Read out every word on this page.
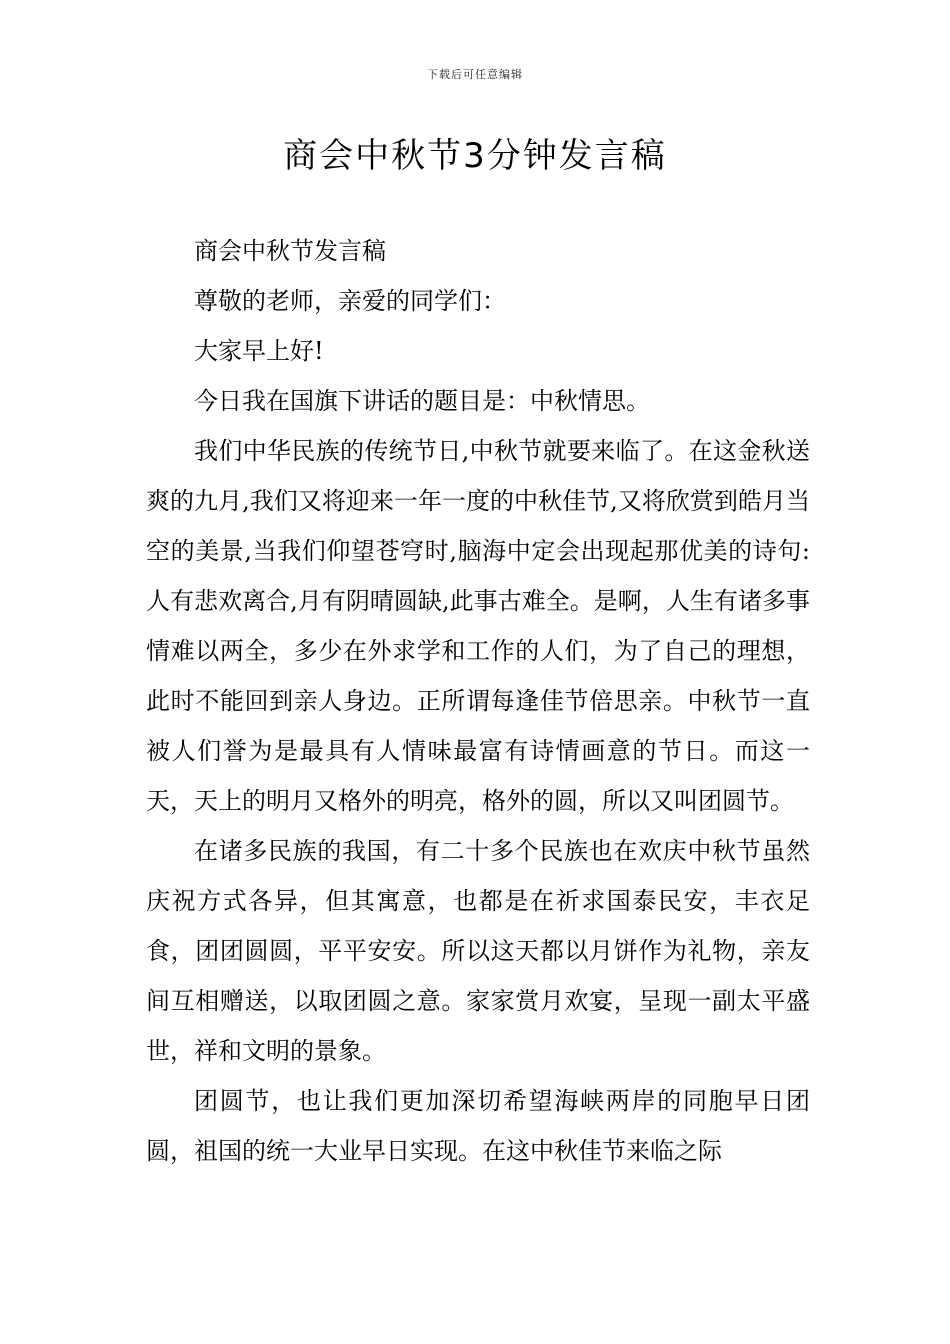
下载后可任意编辑
商会中秋节3分钟发言稿

商会中秋节发言稿

尊敬的老师，亲爱的同学们：

大家早上好!

今日我在国旗下讲话的题目是：中秋情思。

我们中华民族的传统节日,中秋节就要来临了。在这金秋送爽的九月,我们又将迎来一年一度的中秋佳节,又将欣赏到皓月当空的美景,当我们仰望苍穹时,脑海中定会出现起那优美的诗句:人有悲欢离合,月有阴晴圆缺,此事古难全。是啊，人生有诸多事情难以两全，多少在外求学和工作的人们，为了自己的理想，此时不能回到亲人身边。正所谓每逢佳节倍思亲。中秋节一直被人们誉为是最具有人情味最富有诗情画意的节日。而这一天，天上的明月又格外的明亮，格外的圆，所以又叫团圆节。

在诸多民族的我国，有二十多个民族也在欢庆中秋节虽然庆祝方式各异，但其寓意，也都是在祈求国泰民安，丰衣足食，团团圆圆，平平安安。所以这天都以月饼作为礼物，亲友间互相赠送，以取团圆之意。家家赏月欢宴，呈现一副太平盛世，祥和文明的景象。

团圆节，也让我们更加深切希望海峡两岸的同胞早日团圆，祖国的统一大业早日实现。在这中秋佳节来临之际
